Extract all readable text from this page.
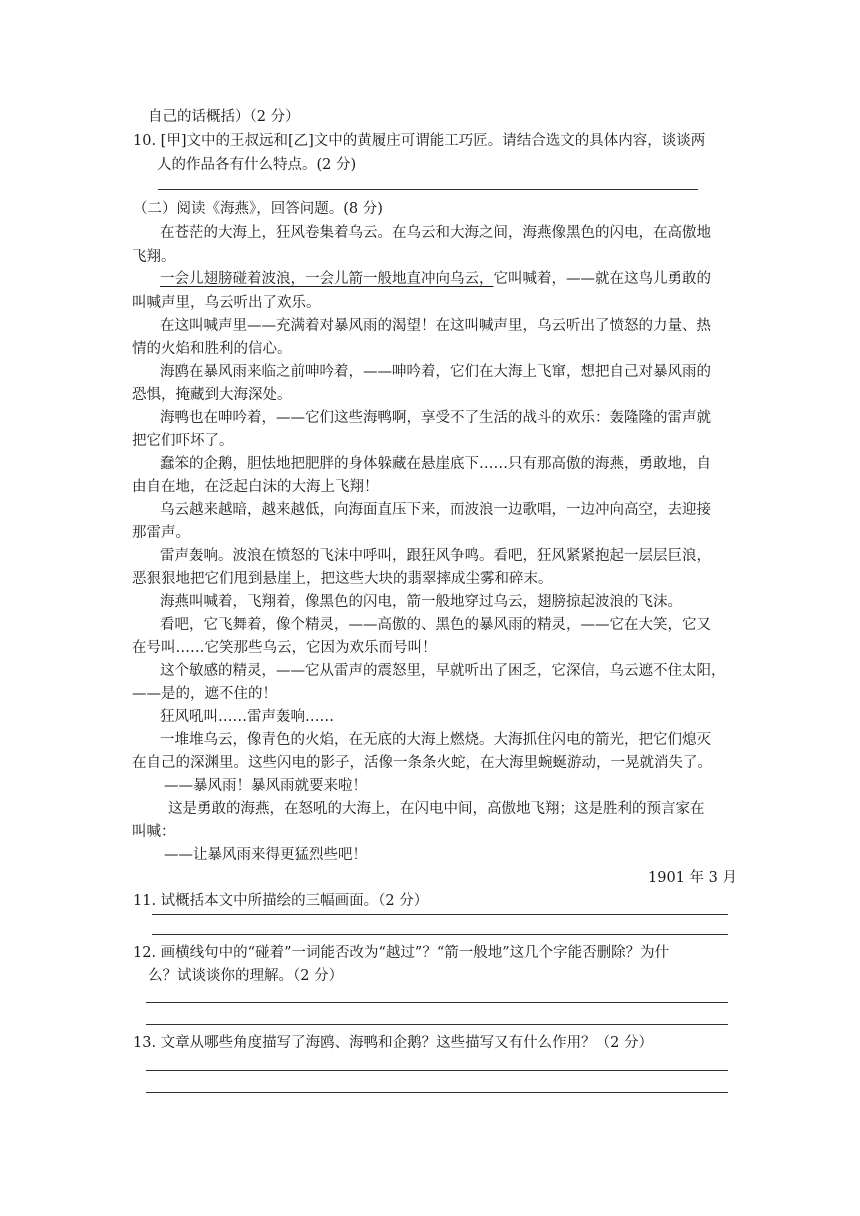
自己的话概括）（2 分）
10. [甲]文中的王叔远和[乙]文中的黄履庄可谓能工巧匠。请结合选文的具体内容，谈谈两
人的作品各有什么特点。(2 分)
（二）阅读《海燕》，回答问题。(8 分)
在苍茫的大海上，狂风卷集着乌云。在乌云和大海之间，海燕像黑色的闪电，在高傲地
飞翔。
一会儿翅膀碰着波浪，一会儿箭一般地直冲向乌云，它叫喊着，——就在这鸟儿勇敢的
叫喊声里，乌云听出了欢乐。
在这叫喊声里——充满着对暴风雨的渴望！在这叫喊声里，乌云听出了愤怒的力量、热
情的火焰和胜利的信心。
海鸥在暴风雨来临之前呻吟着，——呻吟着，它们在大海上飞窜，想把自己对暴风雨的
恐惧，掩藏到大海深处。
海鸭也在呻吟着，——它们这些海鸭啊，享受不了生活的战斗的欢乐：轰隆隆的雷声就
把它们吓坏了。
蠢笨的企鹅，胆怯地把肥胖的身体躲藏在悬崖底下……只有那高傲的海燕，勇敢地，自
由自在地，在泛起白沫的大海上飞翔！
乌云越来越暗，越来越低，向海面直压下来，而波浪一边歌唱，一边冲向高空，去迎接
那雷声。
雷声轰响。波浪在愤怒的飞沫中呼叫，跟狂风争鸣。看吧，狂风紧紧抱起一层层巨浪，
恶狠狠地把它们甩到悬崖上，把这些大块的翡翠摔成尘雾和碎末。
海燕叫喊着，飞翔着，像黑色的闪电，箭一般地穿过乌云，翅膀掠起波浪的飞沫。
看吧，它飞舞着，像个精灵，——高傲的、黑色的暴风雨的精灵，——它在大笑，它又
在号叫……它笑那些乌云，它因为欢乐而号叫！
这个敏感的精灵，——它从雷声的震怒里，早就听出了困乏，它深信，乌云遮不住太阳，
——是的，遮不住的！
狂风吼叫……雷声轰响……
一堆堆乌云，像青色的火焰，在无底的大海上燃烧。大海抓住闪电的箭光，把它们熄灭
在自己的深渊里。这些闪电的影子，活像一条条火蛇，在大海里蜿蜒游动，一晃就消失了。
——暴风雨！暴风雨就要来啦！
这是勇敢的海燕，在怒吼的大海上，在闪电中间，高傲地飞翔；这是胜利的预言家在
叫喊：
——让暴风雨来得更猛烈些吧！
1901 年 3 月
11. 试概括本文中所描绘的三幅画面。（2 分）
12. 画横线句中的“碰着”一词能否改为“越过”？“箭一般地”这几个字能否删除？为什
么？试谈谈你的理解。（2 分）
13. 文章从哪些角度描写了海鸥、海鸭和企鹅？这些描写又有什么作用？（2 分）
